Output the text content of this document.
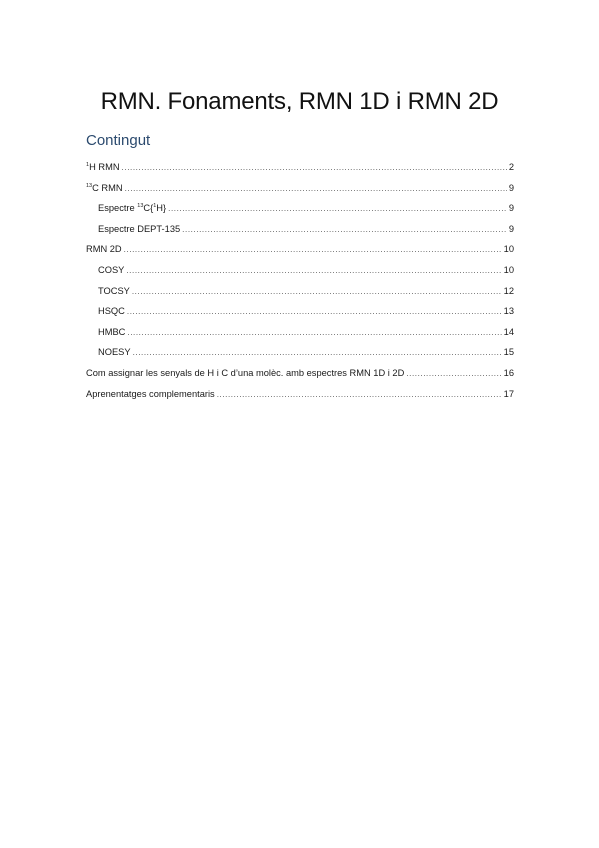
RMN. Fonaments, RMN 1D i RMN 2D
Contingut
$^1$H RMN .....	2
$^{13}$C RMN .....	9
Espectre $^{13}$C{$^1$H} .....	9
Espectre DEPT-135 .....	9
RMN 2D .....	10
COSY .....	10
TOCSY .....	12
HSQC .....	13
HMBC .....	14
NOESY .....	15
Com assignar les senyals de H i C d’una molèc. amb espectres RMN 1D i 2D .....	16
Aprenentatges complementaris .....	17
